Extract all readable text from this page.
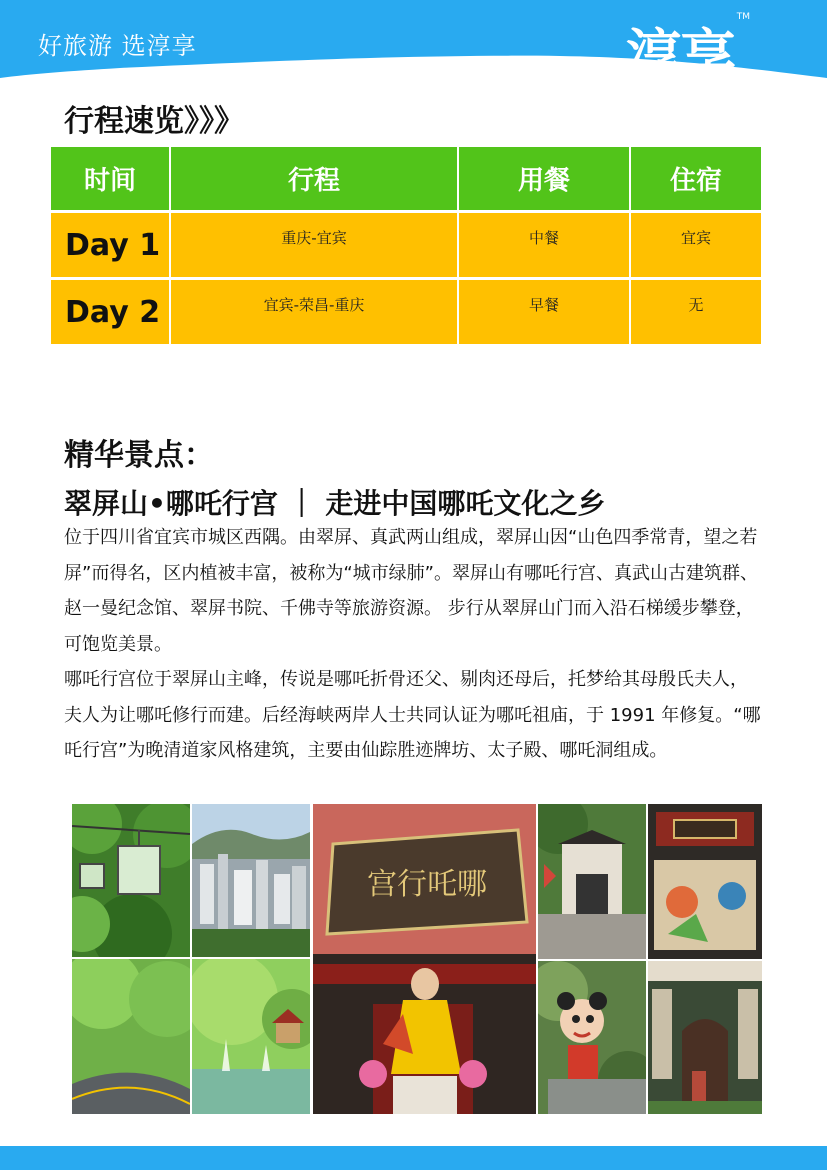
好旅游 选淳享	淳享
TM
行程速览》》》
时间	行程	用餐	住宿
Day 1	重庆-宜宾	中餐	宜宾
Day 2	宜宾-荣昌-重庆	早餐	无
精华景点：
翠屏山•哪吒行宫 ｜ 走进中国哪吒文化之乡

位于四川省宜宾市城区西隅。由翠屏、真武两山组成，翠屏山因“山色四季常青，望之若屏”而得名，区内植被丰富，被称为“城市绿肺”。翠屏山有哪吒行宫、真武山古建筑群、赵一曼纪念馆、翠屏书院、千佛寺等旅游资源。 步行从翠屏山门而入沿石梯缓步攀登，可饱览美景。

哪吒行宫位于翠屏山主峰，传说是哪吒折骨还父、剔肉还母后，托梦给其母殷氏夫人，夫人为让哪吒修行而建。后经海峡两岸人士共同认证为哪吒祖庙，于 1991 年修复。“哪吒行宫”为晚清道家风格建筑，主要由仙踪胜迹牌坊、太子殿、哪吒洞组成。

宫行吒哪
